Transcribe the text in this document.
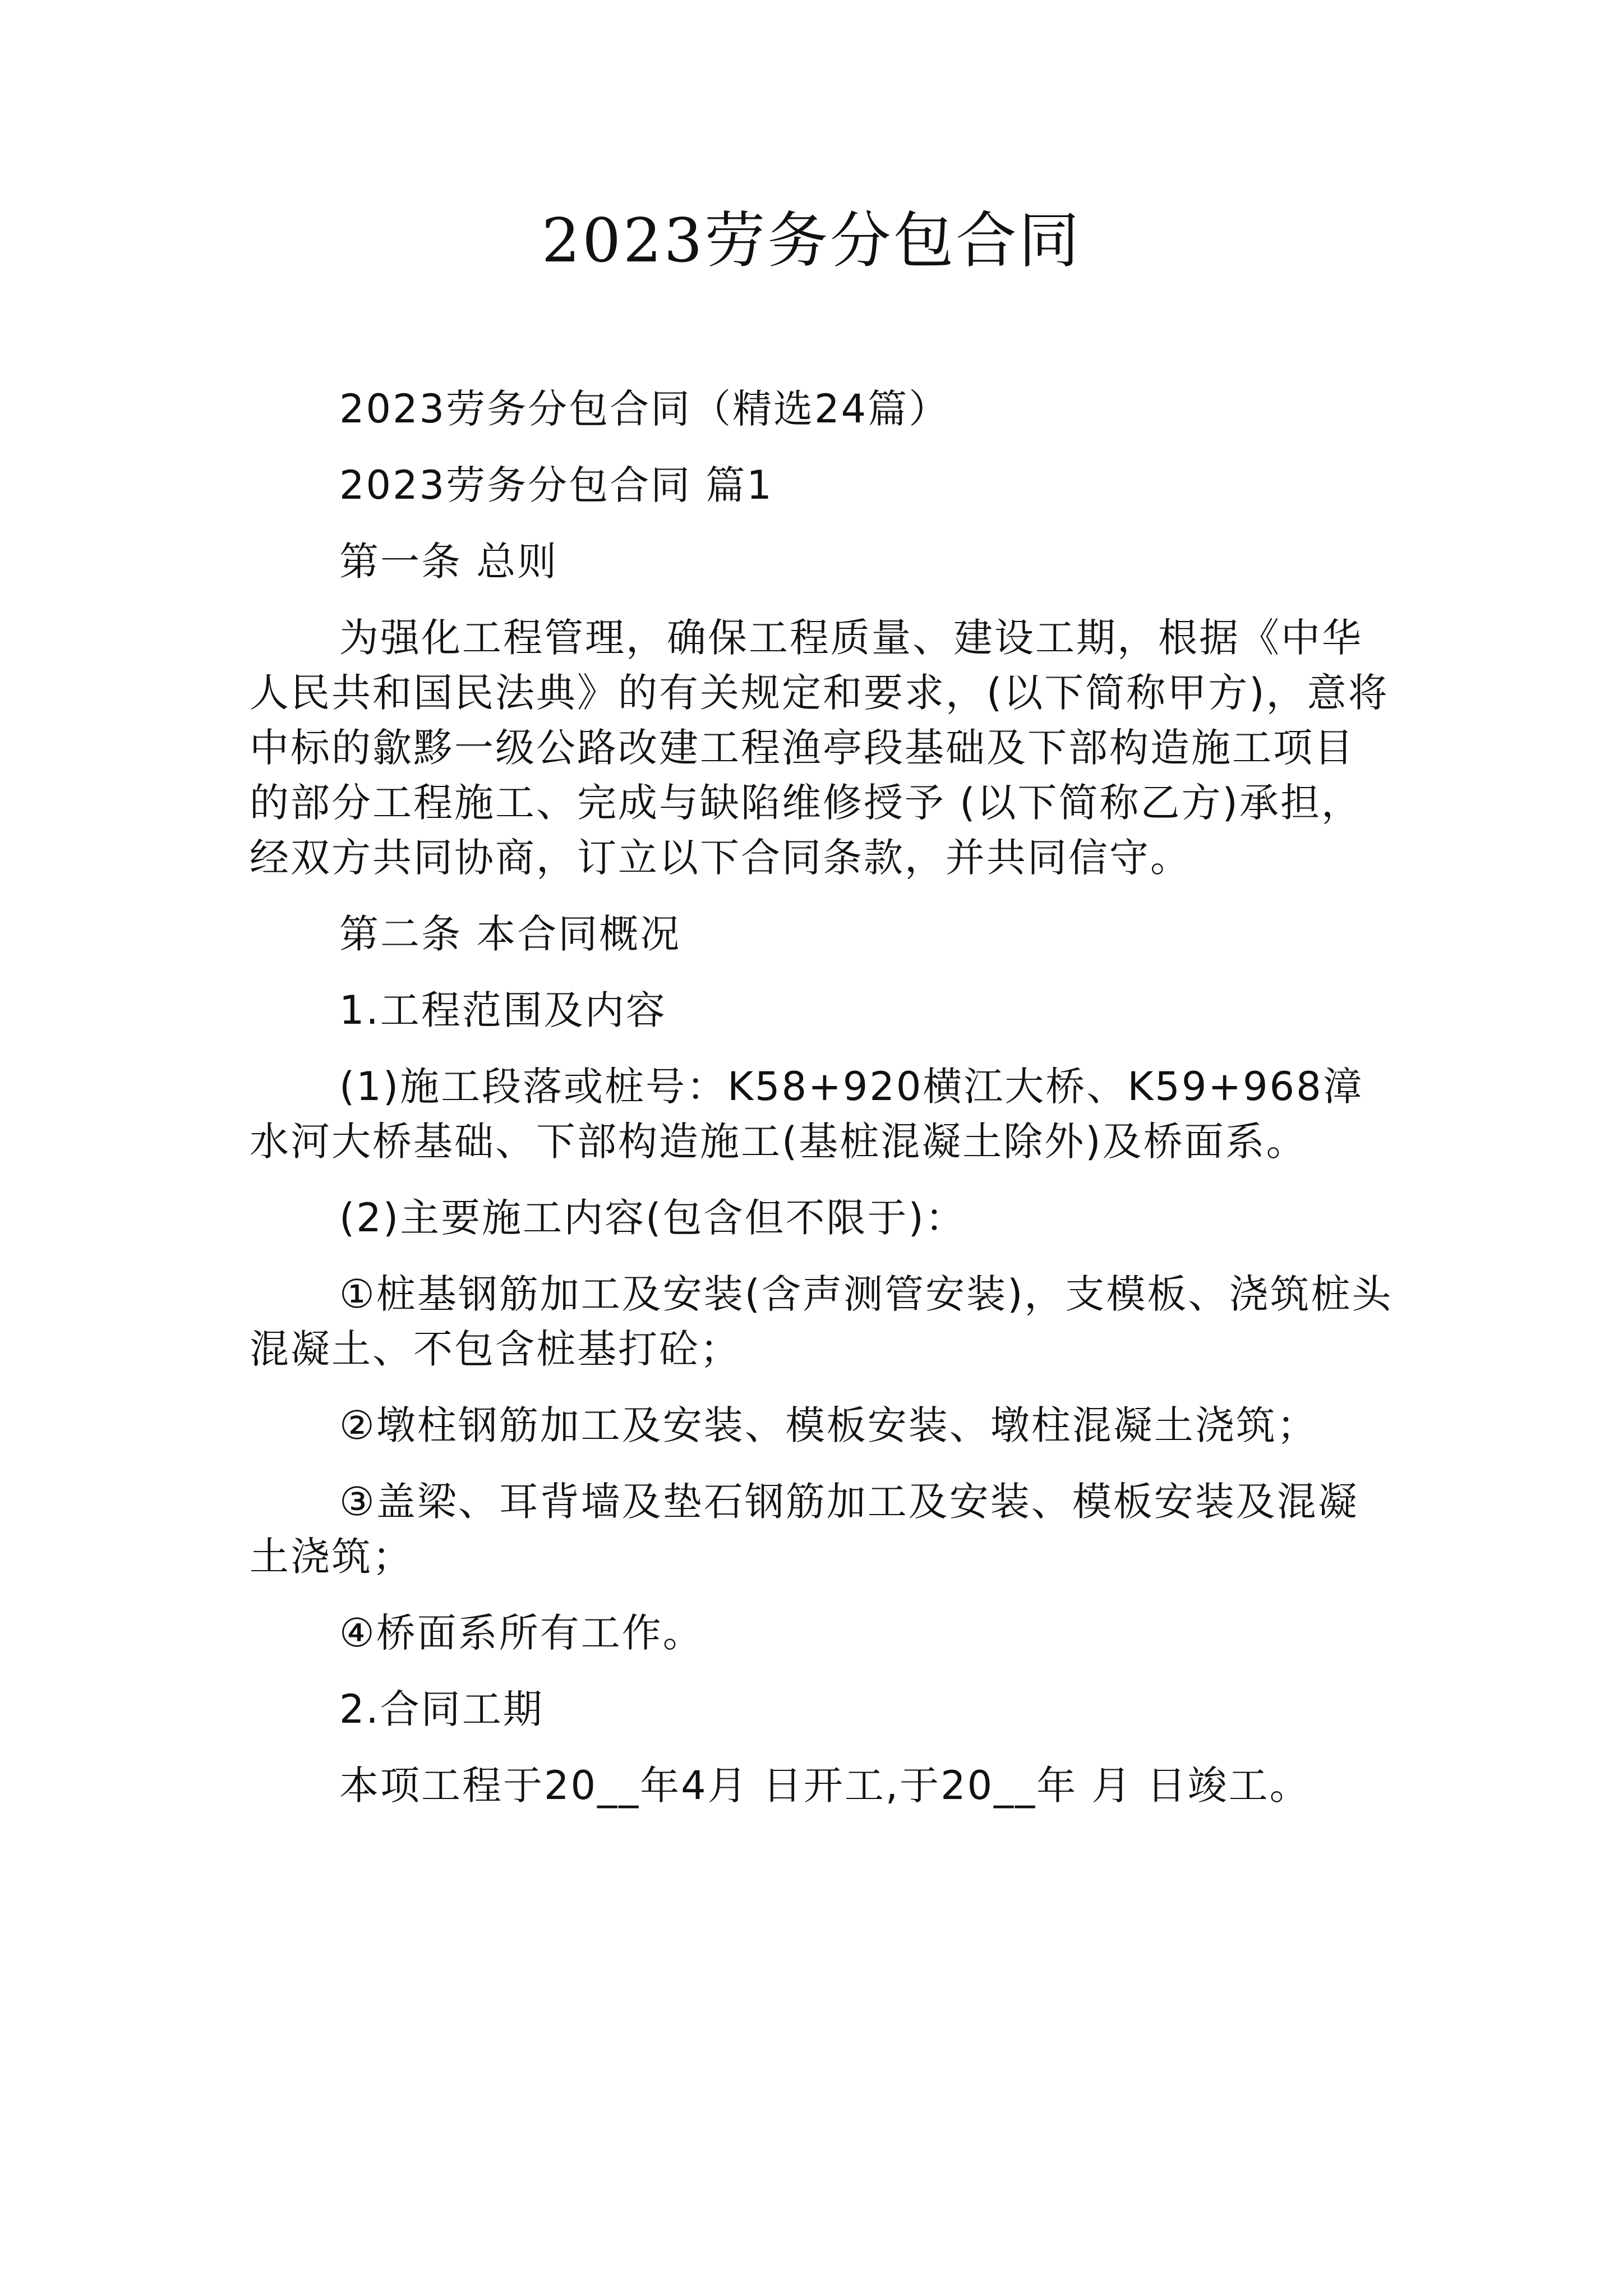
2023劳务分包合同

2023劳务分包合同（精选24篇）

2023劳务分包合同 篇1

第一条 总则

为强化工程管理，确保工程质量、建设工期，根据《中华人民共和国民法典》的有关规定和要求，(以下简称甲方)，意将中标的歙黟一级公路改建工程渔亭段基础及下部构造施工项目的部分工程施工、完成与缺陷维修授予 (以下简称乙方)承担，经双方共同协商，订立以下合同条款，并共同信守。

第二条 本合同概况

1.工程范围及内容

(1)施工段落或桩号：K58+920横江大桥、K59+968漳水河大桥基础、下部构造施工(基桩混凝土除外)及桥面系。

(2)主要施工内容(包含但不限于)：

①桩基钢筋加工及安装(含声测管安装)，支模板、浇筑桩头混凝土、不包含桩基打砼；

②墩柱钢筋加工及安装、模板安装、墩柱混凝土浇筑；

③盖梁、耳背墙及垫石钢筋加工及安装、模板安装及混凝土浇筑；

④桥面系所有工作。

2.合同工期

本项工程于20__年4月 日开工,于20__年 月 日竣工。
